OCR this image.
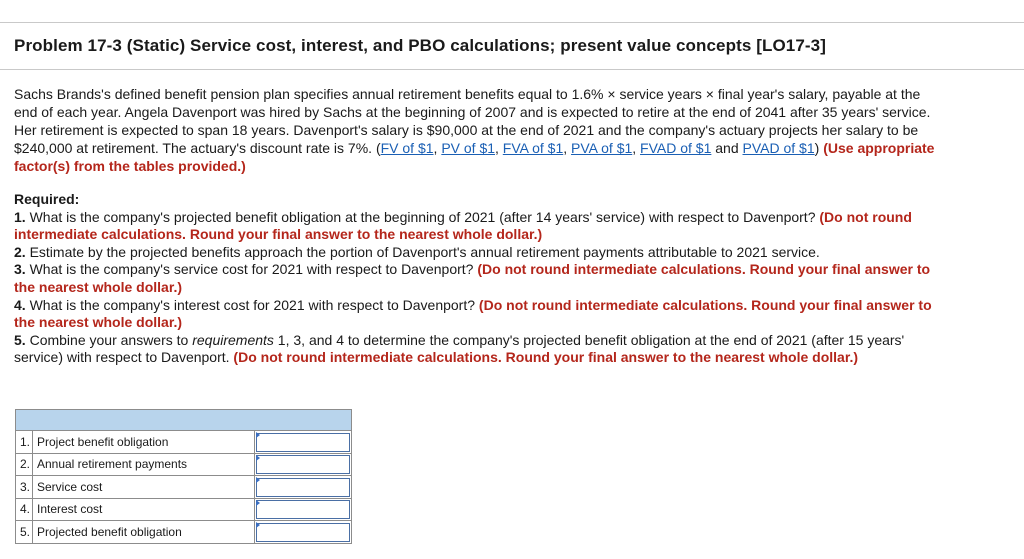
Problem 17-3 (Static) Service cost, interest, and PBO calculations; present value concepts [LO17-3]
Sachs Brands's defined benefit pension plan specifies annual retirement benefits equal to 1.6% × service years × final year's salary, payable at the end of each year. Angela Davenport was hired by Sachs at the beginning of 2007 and is expected to retire at the end of 2041 after 35 years' service. Her retirement is expected to span 18 years. Davenport's salary is $90,000 at the end of 2021 and the company's actuary projects her salary to be $240,000 at retirement. The actuary's discount rate is 7%. (FV of $1, PV of $1, FVA of $1, PVA of $1, FVAD of $1 and PVAD of $1) (Use appropriate factor(s) from the tables provided.)
Required:
1. What is the company's projected benefit obligation at the beginning of 2021 (after 14 years' service) with respect to Davenport? (Do not round intermediate calculations. Round your final answer to the nearest whole dollar.)
2. Estimate by the projected benefits approach the portion of Davenport's annual retirement payments attributable to 2021 service.
3. What is the company's service cost for 2021 with respect to Davenport? (Do not round intermediate calculations. Round your final answer to the nearest whole dollar.)
4. What is the company's interest cost for 2021 with respect to Davenport? (Do not round intermediate calculations. Round your final answer to the nearest whole dollar.)
5. Combine your answers to requirements 1, 3, and 4 to determine the company's projected benefit obligation at the end of 2021 (after 15 years' service) with respect to Davenport. (Do not round intermediate calculations. Round your final answer to the nearest whole dollar.)

1.	Project benefit obligation	

2.	Annual retirement payments	

3.	Service cost	

4.	Interest cost	

5.	Projected benefit obligation	
